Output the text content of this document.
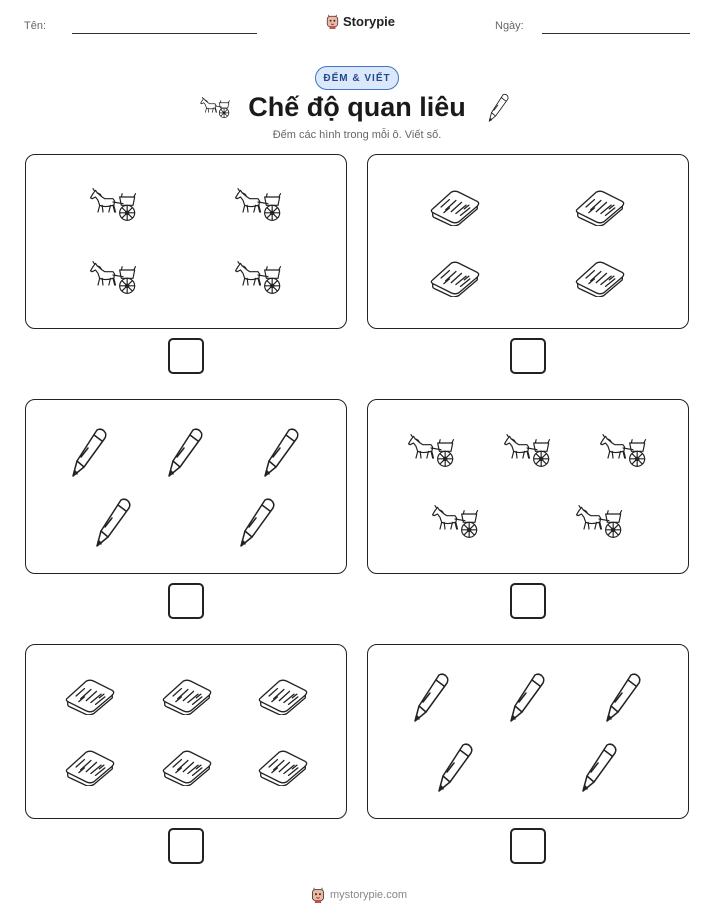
Tên:	Storypie	Ngày:
ĐẾM & VIẾT
Chế độ quan liêu
Đếm các hình trong mỗi ô. Viết số.
mystorypie.com
